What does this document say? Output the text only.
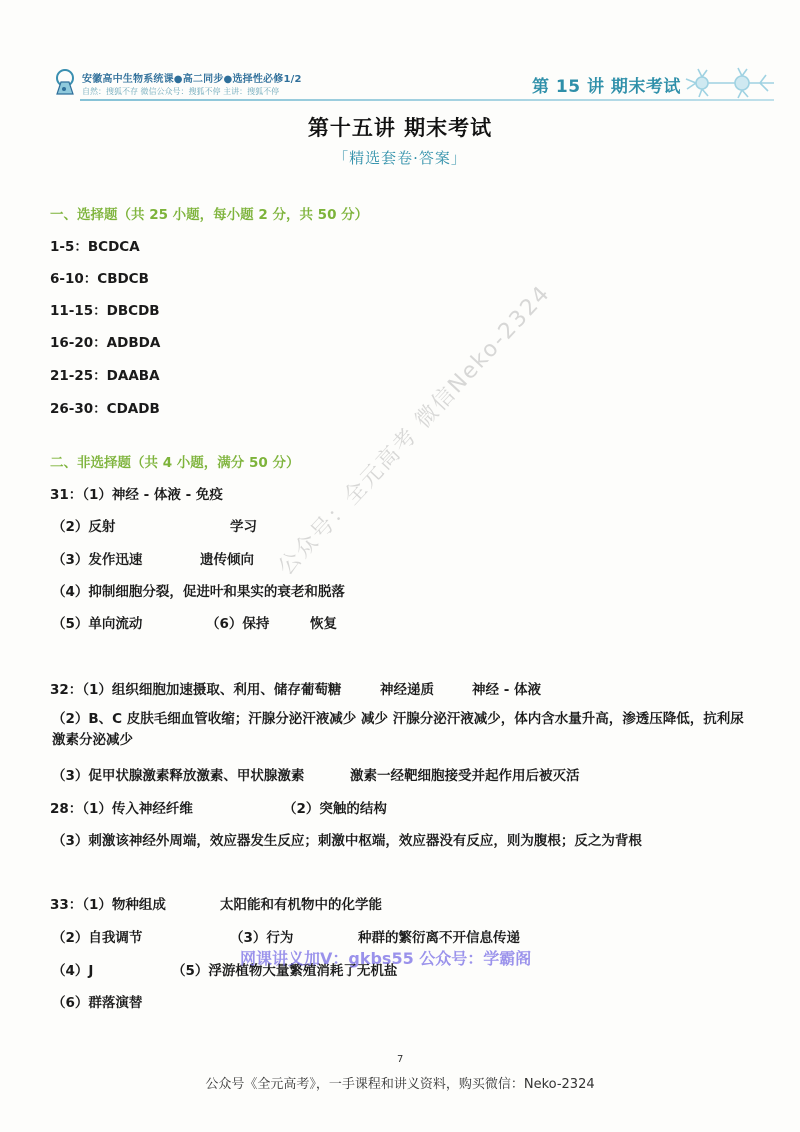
安徽高中生物系统课●高二同步●选择性必修1/2
自然：搜狐不存 微信公众号：搜狐不停 主讲：搜狐不停	第 15 讲 期末考试
第十五讲 期末考试
「精选套卷·答案」
一、选择题（共 25 小题，每小题 2 分，共 50 分）
1-5：BCDCA
6-10：CBDCB
11-15：DBCDB
16-20：ADBDA
21-25：DAABA
26-30：CDADB
二、非选择题（共 4 小题，满分 50 分）
31：（1）神经 - 体液 - 免疫
（2）反射	学习
（3）发作迅速	遗传倾向
（4）抑制细胞分裂，促进叶和果实的衰老和脱落
（5）单向流动	（6）保持	恢复
32：（1）组织细胞加速摄取、利用、储存葡萄糖	神经递质	神经 - 体液
（2）B、C 皮肤毛细血管收缩；汗腺分泌汗液减少 减少 汗腺分泌汗液减少，体内含水量升高，渗透压降低，抗利尿激素分泌减少
（3）促甲状腺激素释放激素、甲状腺激素	激素一经靶细胞接受并起作用后被灭活
28：（1）传入神经纤维	（2）突触的结构
（3）刺激该神经外周端，效应器发生反应；刺激中枢端，效应器没有反应，则为腹根；反之为背根
33：（1）物种组成	太阳能和有机物中的化学能
（2）自我调节	（3）行为	种群的繁衍离不开信息传递
（4）J	（5）浮游植物大量繁殖消耗了无机盐
（6）群落演替
公众号：全元高考 微信Neko-2324
网课讲义加V：gkbs55 公众号：学霸阁
7
公众号《全元高考》，一手课程和讲义资料，购买微信：Neko-2324
